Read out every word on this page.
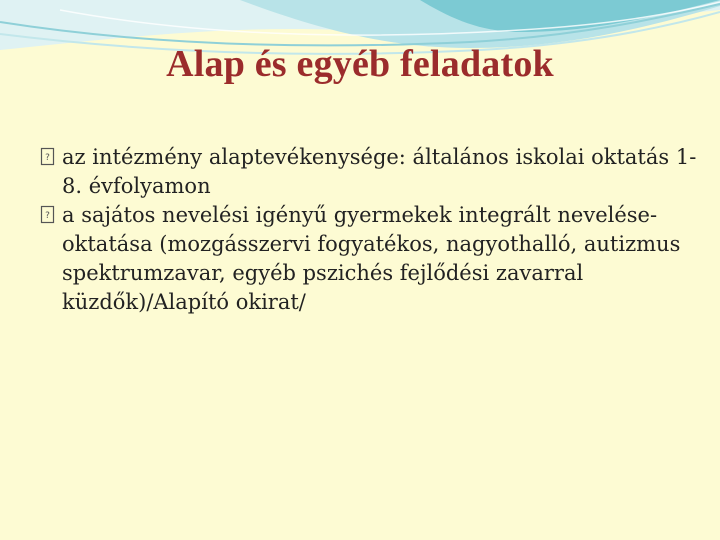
Alap és egyéb feladatok

? az intézmény alaptevékenysége: általános iskolai oktatás 1-8. évfolyamon

? a sajátos nevelési igényű gyermekek integrált nevelése-oktatása (mozgásszervi fogyatékos, nagyothalló, autizmus spektrumzavar, egyéb pszichés fejlődési zavarral küzdők)/Alapító okirat/
